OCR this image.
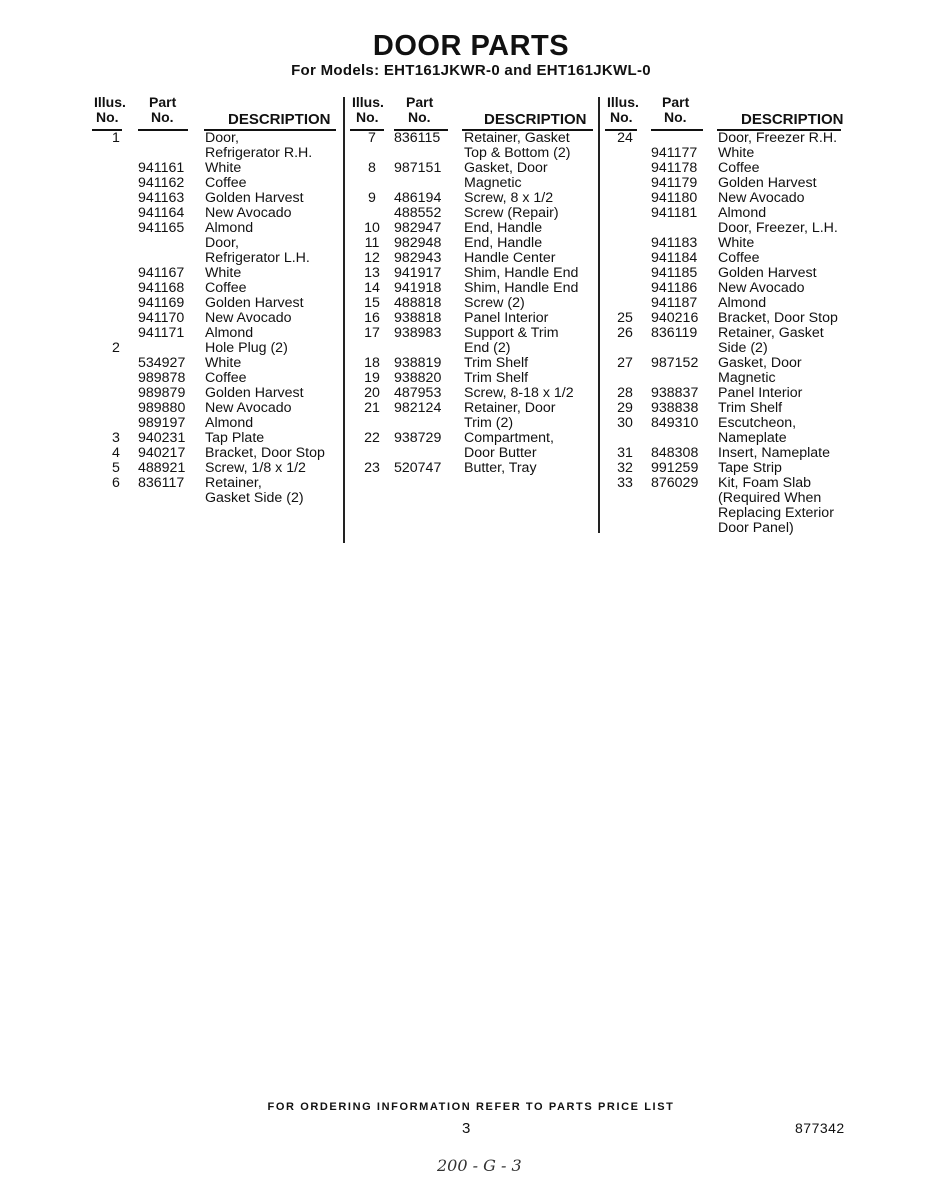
DOOR PARTS
For Models: EHT161JKWR-0 and EHT161JKWL-0
Illus.
No.
Part
No.	DESCRIPTION
1	Door,
Refrigerator R.H.
941161 White
941162 Coffee
941163 Golden Harvest
941164 New Avocado
941165 Almond
Door,
Refrigerator L.H.
941167 White
941168 Coffee
941169 Golden Harvest
941170 New Avocado
941171 Almond
2	Hole Plug (2)
534927 White
989878 Coffee
989879 Golden Harvest
989880 New Avocado
989197 Almond
3	940231 Tap Plate
4	940217 Bracket, Door Stop
5	488921 Screw, 1/8 x 1/2
6	836117 Retainer,
Gasket Side (2)
Illus.
No.
Part
No.	DESCRIPTION
7	836115 Retainer, Gasket
Top & Bottom (2)
8	987151 Gasket, Door
Magnetic
9	486194 Screw, 8 x 1/2
488552 Screw (Repair)
10 982947 End, Handle
11	982948 End, Handle
12 982943 Handle Center
13 941917 Shim, Handle End
14 941918 Shim, Handle End
15 488818 Screw (2)
16 938818 Panel Interior
17 938983 Support & Trim
End (2)
18 938819 Trim Shelf
19 938820 Trim Shelf
20 487953 Screw, 8-18 x 1/2
21 982124 Retainer, Door
Trim (2)
22 938729 Compartment,
Door Butter
23 520747 Butter, Tray
Illus.
No.
Part
No.	DESCRIPTION
24	Door, Freezer R.H.
941177 White
941178 Coffee
941179 Golden Harvest
941180 New Avocado
941181 Almond
Door, Freezer, L.H.
941183 White
941184 Coffee
941185 Golden Harvest
941186 New Avocado
941187 Almond
25	940216 Bracket, Door Stop
26	836119 Retainer, Gasket
Side (2)
27	987152 Gasket, Door
Magnetic
28	938837 Panel Interior
29	938838 Trim Shelf
30	849310 Escutcheon,
Nameplate
31	848308 Insert, Nameplate
32	991259 Tape Strip
33	876029 Kit, Foam Slab
(Required When
Replacing Exterior
Door Panel)
FOR ORDERING INFORMATION REFER TO PARTS PRICE LIST
3	877342
200 - G - 3
